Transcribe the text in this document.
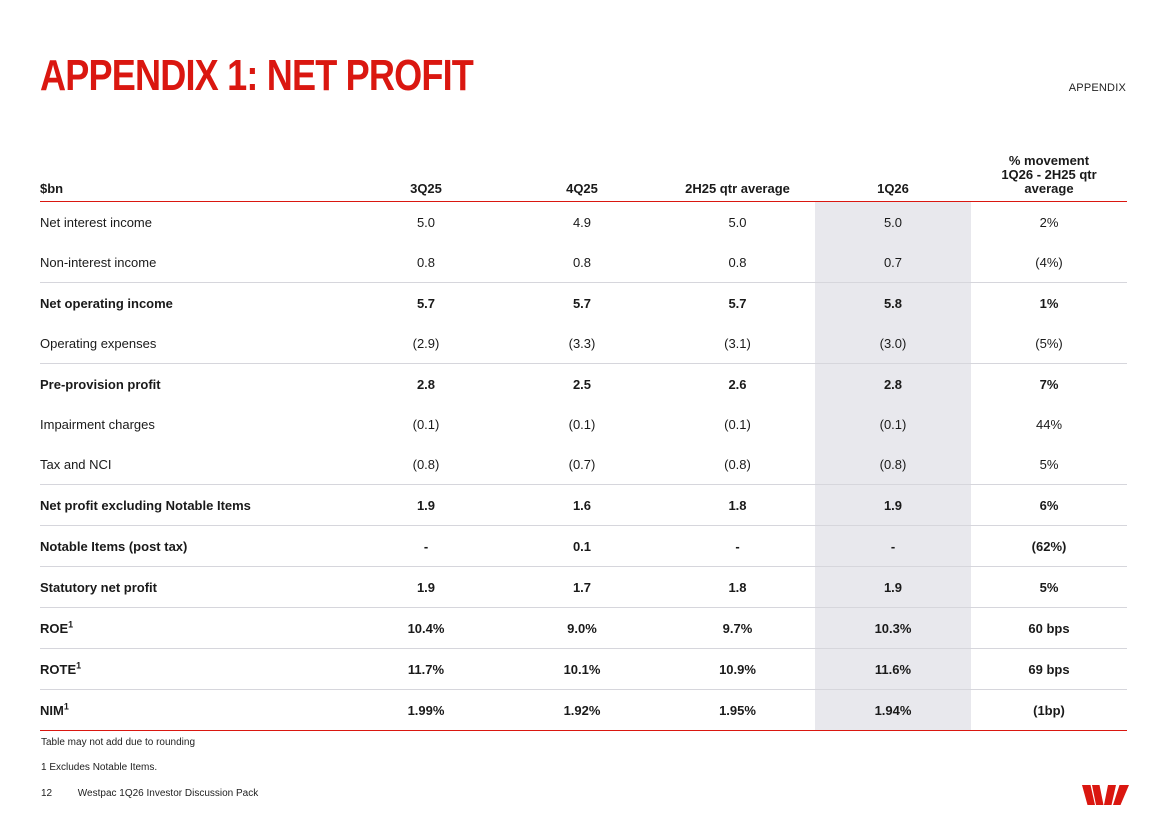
APPENDIX 1: NET PROFIT	APPENDIX
$bn	3Q25	4Q25	2H25 qtr average	1Q26	% movement
1Q26 - 2H25 qtr
average

Net interest income	5.0	4.9	5.0	5.0	2%
Non-interest income	0.8	0.8	0.8	0.7	(4%)
Net operating income	5.7	5.7	5.7	5.8	1%
Operating expenses	(2.9)	(3.3)	(3.1)	(3.0)	(5%)
Pre-provision profit	2.8	2.5	2.6	2.8	7%
Impairment charges	(0.1)	(0.1)	(0.1)	(0.1)	44%
Tax and NCI	(0.8)	(0.7)	(0.8)	(0.8)	5%
Net profit excluding Notable Items	1.9	1.6	1.8	1.9	6%
Notable Items (post tax)	-	0.1	-	-	(62%)
Statutory net profit	1.9	1.7	1.8	1.9	5%
ROE$^1$	10.4%	9.0%	9.7%	10.3%	60 bps
ROTE$^1$	11.7%	10.1%	10.9%	11.6%	69 bps
NIM$^1$	1.99%	1.92%	1.95%	1.94%	(1bp)
Table may not add due to rounding
1 Excludes Notable Items.
12	Westpac 1Q26 Investor Discussion Pack
